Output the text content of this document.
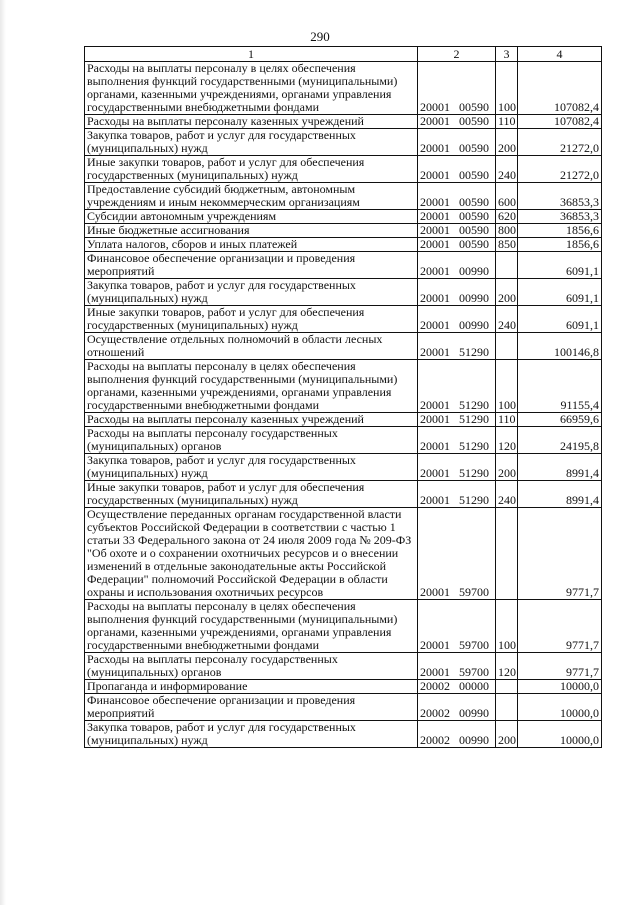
290
1	2	3	4
Расходы на выплаты персоналу в целях обеспечения выполнения функций государственными (муниципальными) органами, казенными учреждениями, органами управления государственными внебюджетными фондами	20001 00590	100	107082,4
Расходы на выплаты персоналу казенных учреждений	20001 00590	110	107082,4
Закупка товаров, работ и услуг для государственных (муниципальных) нужд	20001 00590	200	21272,0
Иные закупки товаров, работ и услуг для обеспечения государственных (муниципальных) нужд	20001 00590	240	21272,0
Предоставление субсидий бюджетным, автономным учреждениям и иным некоммерческим организациям	20001 00590	600	36853,3
Субсидии автономным учреждениям	20001 00590	620	36853,3
Иные бюджетные ассигнования	20001 00590	800	1856,6
Уплата налогов, сборов и иных платежей	20001 00590	850	1856,6
Финансовое обеспечение организации и проведения мероприятий	20001 00990		6091,1
Закупка товаров, работ и услуг для государственных (муниципальных) нужд	20001 00990	200	6091,1
Иные закупки товаров, работ и услуг для обеспечения государственных (муниципальных) нужд	20001 00990	240	6091,1
Осуществление отдельных полномочий в области лесных отношений	20001 51290		100146,8
Расходы на выплаты персоналу в целях обеспечения выполнения функций государственными (муниципальными) органами, казенными учреждениями, органами управления государственными внебюджетными фондами	20001 51290	100	91155,4
Расходы на выплаты персоналу казенных учреждений	20001 51290	110	66959,6
Расходы на выплаты персоналу государственных (муниципальных) органов	20001 51290	120	24195,8
Закупка товаров, работ и услуг для государственных (муниципальных) нужд	20001 51290	200	8991,4
Иные закупки товаров, работ и услуг для обеспечения государственных (муниципальных) нужд	20001 51290	240	8991,4
Осуществление переданных органам государственной власти субъектов Российской Федерации в соответствии с частью 1 статьи 33 Федерального закона от 24 июля 2009 года № 209-ФЗ "Об охоте и о сохранении охотничьих ресурсов и о внесении изменений в отдельные законодательные акты Российской Федерации" полномочий Российской Федерации в области охраны и использования охотничьих ресурсов	20001 59700		9771,7
Расходы на выплаты персоналу в целях обеспечения выполнения функций государственными (муниципальными) органами, казенными учреждениями, органами управления государственными внебюджетными фондами	20001 59700	100	9771,7
Расходы на выплаты персоналу государственных (муниципальных) органов	20001 59700	120	9771,7
Пропаганда и информирование	20002 00000		10000,0
Финансовое обеспечение организации и проведения мероприятий	20002 00990		10000,0
Закупка товаров, работ и услуг для государственных (муниципальных) нужд	20002 00990	200	10000,0
